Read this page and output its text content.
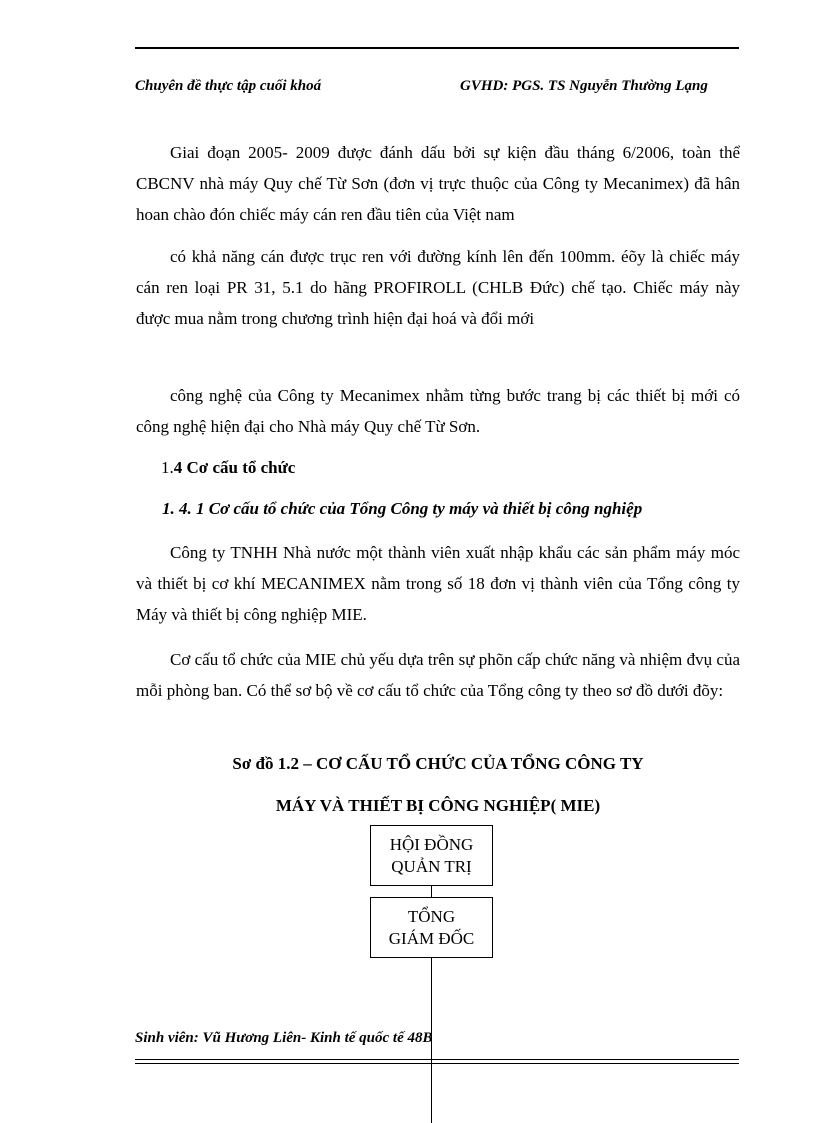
Chuyên đề thực tập cuối khoá	GVHD: PGS. TS Nguyễn Thường Lạng
Giai đoạn 2005- 2009 được đánh dấu bởi sự kiện đầu tháng 6/2006, toàn thể CBCNV nhà máy Quy chế Từ Sơn (đơn vị trực thuộc của Công ty Mecanimex) đã hân hoan chào đón chiếc máy cán ren đầu tiên của Việt nam
có khả năng cán được trục ren với đường kính lên đến 100mm. éõy là chiếc máy cán ren loại PR 31, 5.1 do hãng PROFIROLL (CHLB Đức) chế tạo. Chiếc máy này được mua nằm trong chương trình hiện đại hoá và đổi mới
công nghệ của Công ty Mecanimex nhằm từng bước trang bị các thiết bị mới có công nghệ hiện đại cho Nhà máy Quy chế Từ Sơn.
1.4 Cơ cấu tổ chức
1. 4. 1 Cơ cấu tổ chức của Tổng Công ty máy và thiết bị công nghiệp
Công ty TNHH Nhà nước một thành viên xuất nhập khẩu các sản phẩm máy móc và thiết bị cơ khí MECANIMEX nằm trong số 18 đơn vị thành viên của Tổng công ty Máy và thiết bị công nghiệp MIE.
Cơ cấu tổ chức của MIE chủ yếu dựa trên sự phõn cấp chức năng và nhiệm đvụ của mỗi phòng ban. Có thể sơ bộ về cơ cấu tổ chức của Tổng công ty theo sơ đồ dưới đõy:
Sơ đồ 1.2 – CƠ CẤU TỔ CHỨC CỦA TỔNG CÔNG TY
MÁY VÀ THIẾT BỊ CÔNG NGHIỆP( MIE)
HỘI ĐỒNG
QUẢN TRỊ
TỔNG
GIÁM ĐỐC
Sinh viên: Vũ Hương Liên- Kinh tế quốc tế 48B
